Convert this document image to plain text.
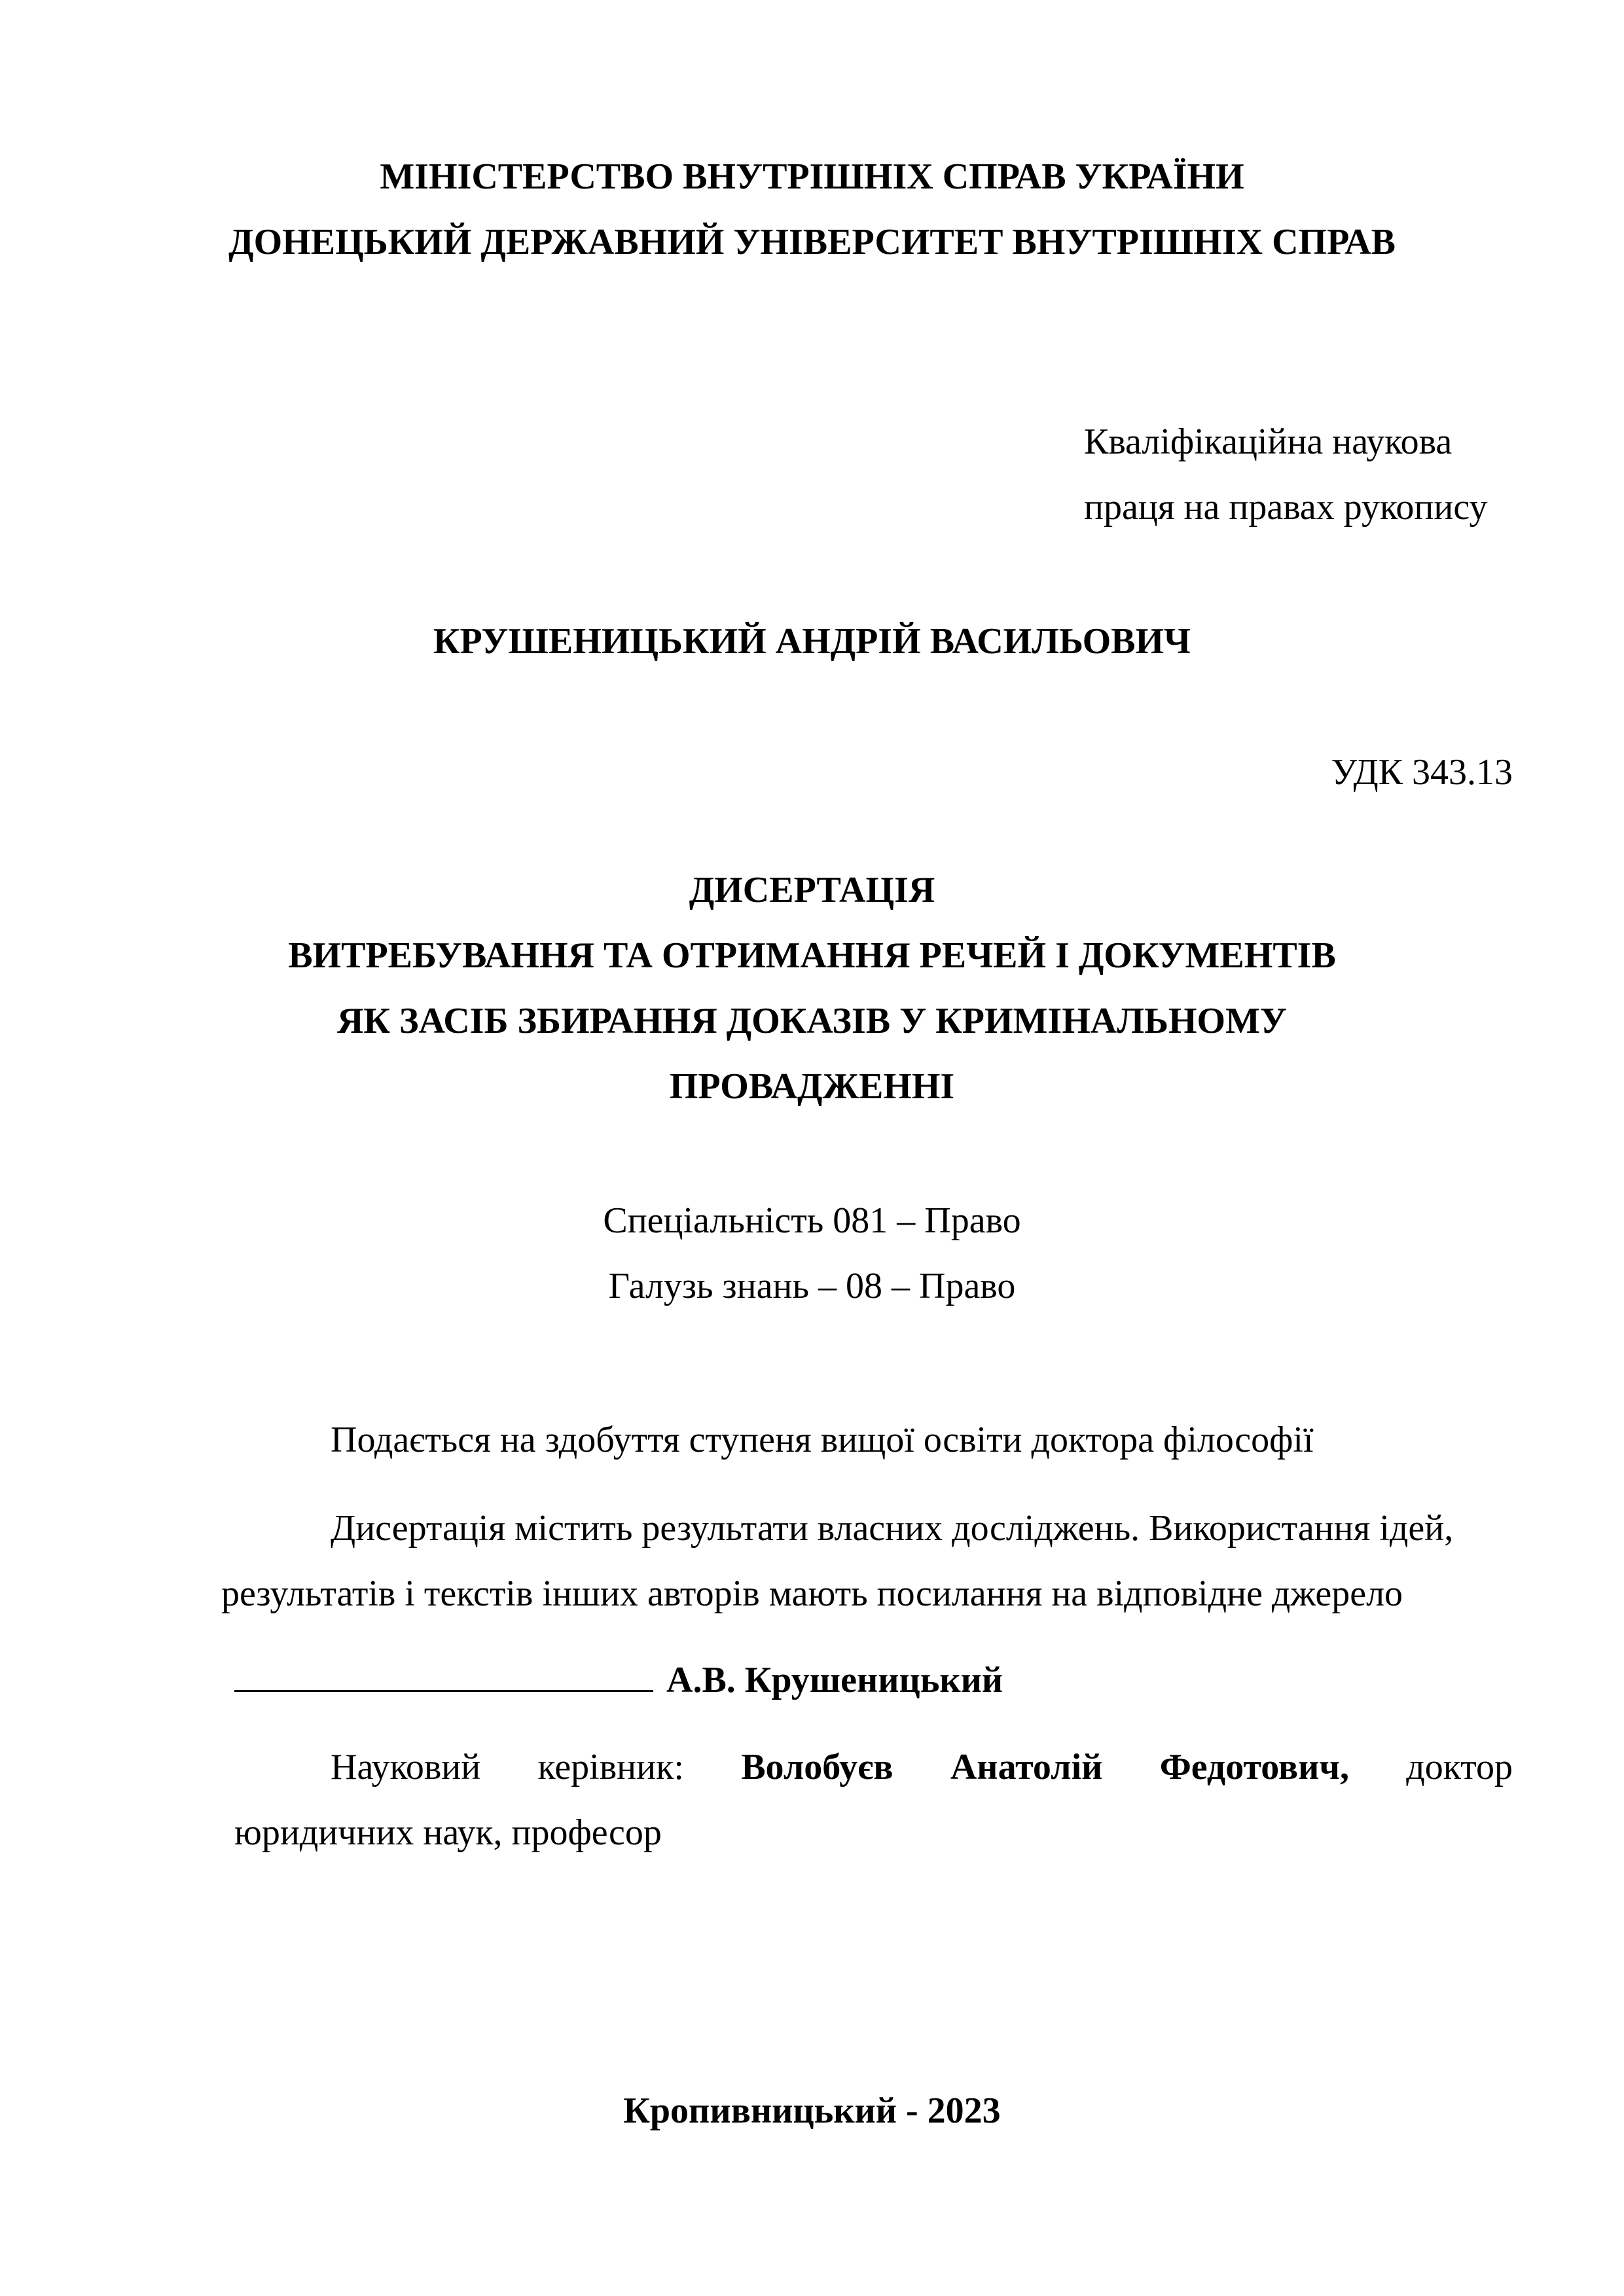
МІНІСТЕРСТВО ВНУТРІШНІХ СПРАВ УКРАЇНИ
ДОНЕЦЬКИЙ ДЕРЖАВНИЙ УНІВЕРСИТЕТ ВНУТРІШНІХ СПРАВ
Кваліфікаційна наукова
праця на правах рукопису
КРУШЕНИЦЬКИЙ АНДРІЙ ВАСИЛЬОВИЧ
УДК 343.13
ДИСЕРТАЦІЯ
ВИТРЕБУВАННЯ ТА ОТРИМАННЯ РЕЧЕЙ І ДОКУМЕНТІВ
ЯК ЗАСІБ ЗБИРАННЯ ДОКАЗІВ У КРИМІНАЛЬНОМУ
ПРОВАДЖЕННІ
Спеціальність 081 – Право
Галузь знань – 08 – Право
Подається на здобуття ступеня вищої освіти доктора філософії
Дисертація містить результати власних досліджень. Використання ідей,
результатів і текстів інших авторів мають посилання на відповідне джерело
А.В. Крушеницький
Науковий керівник: Волобуєв Анатолій Федотович, доктор
юридичних наук, професор
Кропивницький - 2023
